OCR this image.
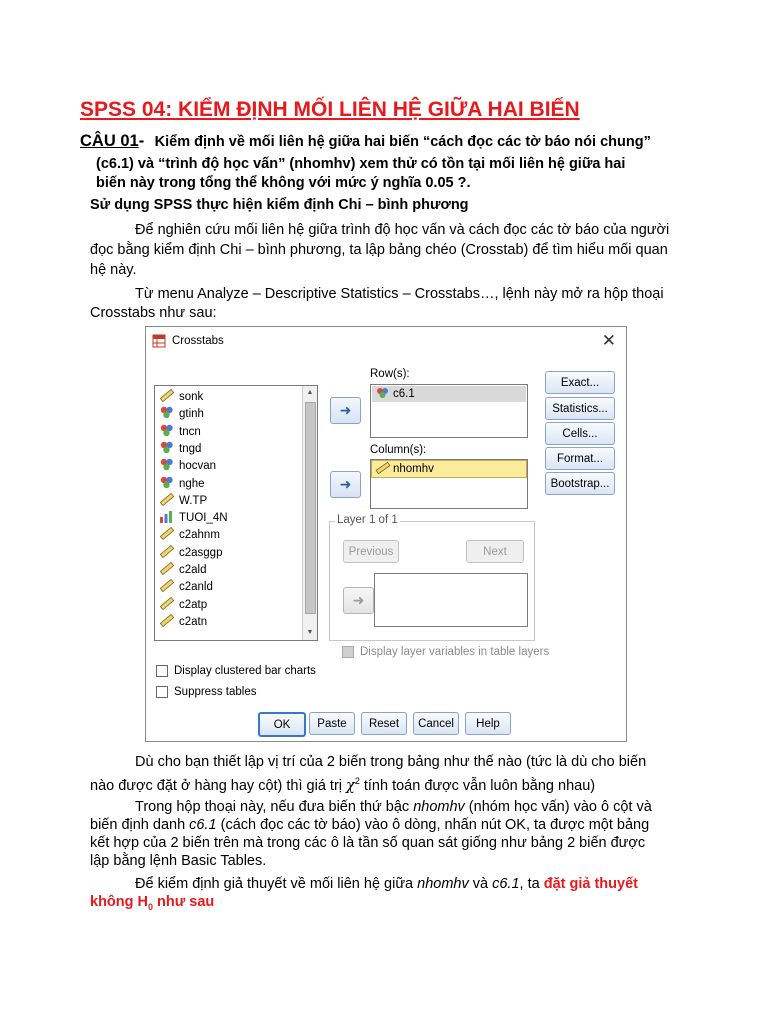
SPSS 04: KIỂM ĐỊNH MỐI LIÊN HỆ GIỮA HAI BIẾN
CÂU 01- Kiểm định về mối liên hệ giữa hai biến “cách đọc các tờ báo nói chung”
(c6.1) và “trình độ học vấn” (nhomhv) xem thử có tồn tại mối liên hệ giữa hai
biến này trong tổng thể không với mức ý nghĩa 0.05 ?.
Sử dụng SPSS thực hiện kiểm định Chi – bình phương
Để nghiên cứu mối liên hệ giữa trình độ học vấn và cách đọc các tờ báo của người
đọc bằng kiểm định Chi – bình phương, ta lập bảng chéo (Crosstab) để tìm hiểu mối quan
hệ này.
Từ menu Analyze – Descriptive Statistics – Crosstabs…, lệnh này mở ra hộp thoại
Crosstabs như sau:
Crosstabs	✕
sonk
gtinh
tncn
tngd
hocvan
nghe
W.TP
TUOI_4N
c2ahnm
c2asggp
c2ald
c2anld
c2atp
c2atn
▲
▼
➜
➜
Row(s):
c6.1
Column(s):
nhomhv
Layer 1 of 1
Previous	Next
➜
Exact...
Statistics...
Cells...
Format...
Bootstrap...
Display layer variables in table layers
Display clustered bar charts
Suppress tables
OK	Paste	Reset	Cancel	Help
Dù cho bạn thiết lập vị trí của 2 biến trong bảng như thế nào (tức là dù cho biến
nào được đặt ở hàng hay cột) thì giá trị $\chi^2$ tính toán được vẫn luôn bằng nhau)
Trong hộp thoại này, nếu đưa biến thứ bậc nhomhv (nhóm học vấn) vào ô cột và
biến định danh c6.1 (cách đọc các tờ báo) vào ô dòng, nhấn nút OK, ta được một bảng
kết hợp của 2 biến trên mà trong các ô là tần số quan sát giống như bảng 2 biến được
lập bằng lệnh Basic Tables.
Để kiểm định giả thuyết về mối liên hệ giữa nhomhv và c6.1, ta đặt giả thuyết
không $H_0$ như sau
